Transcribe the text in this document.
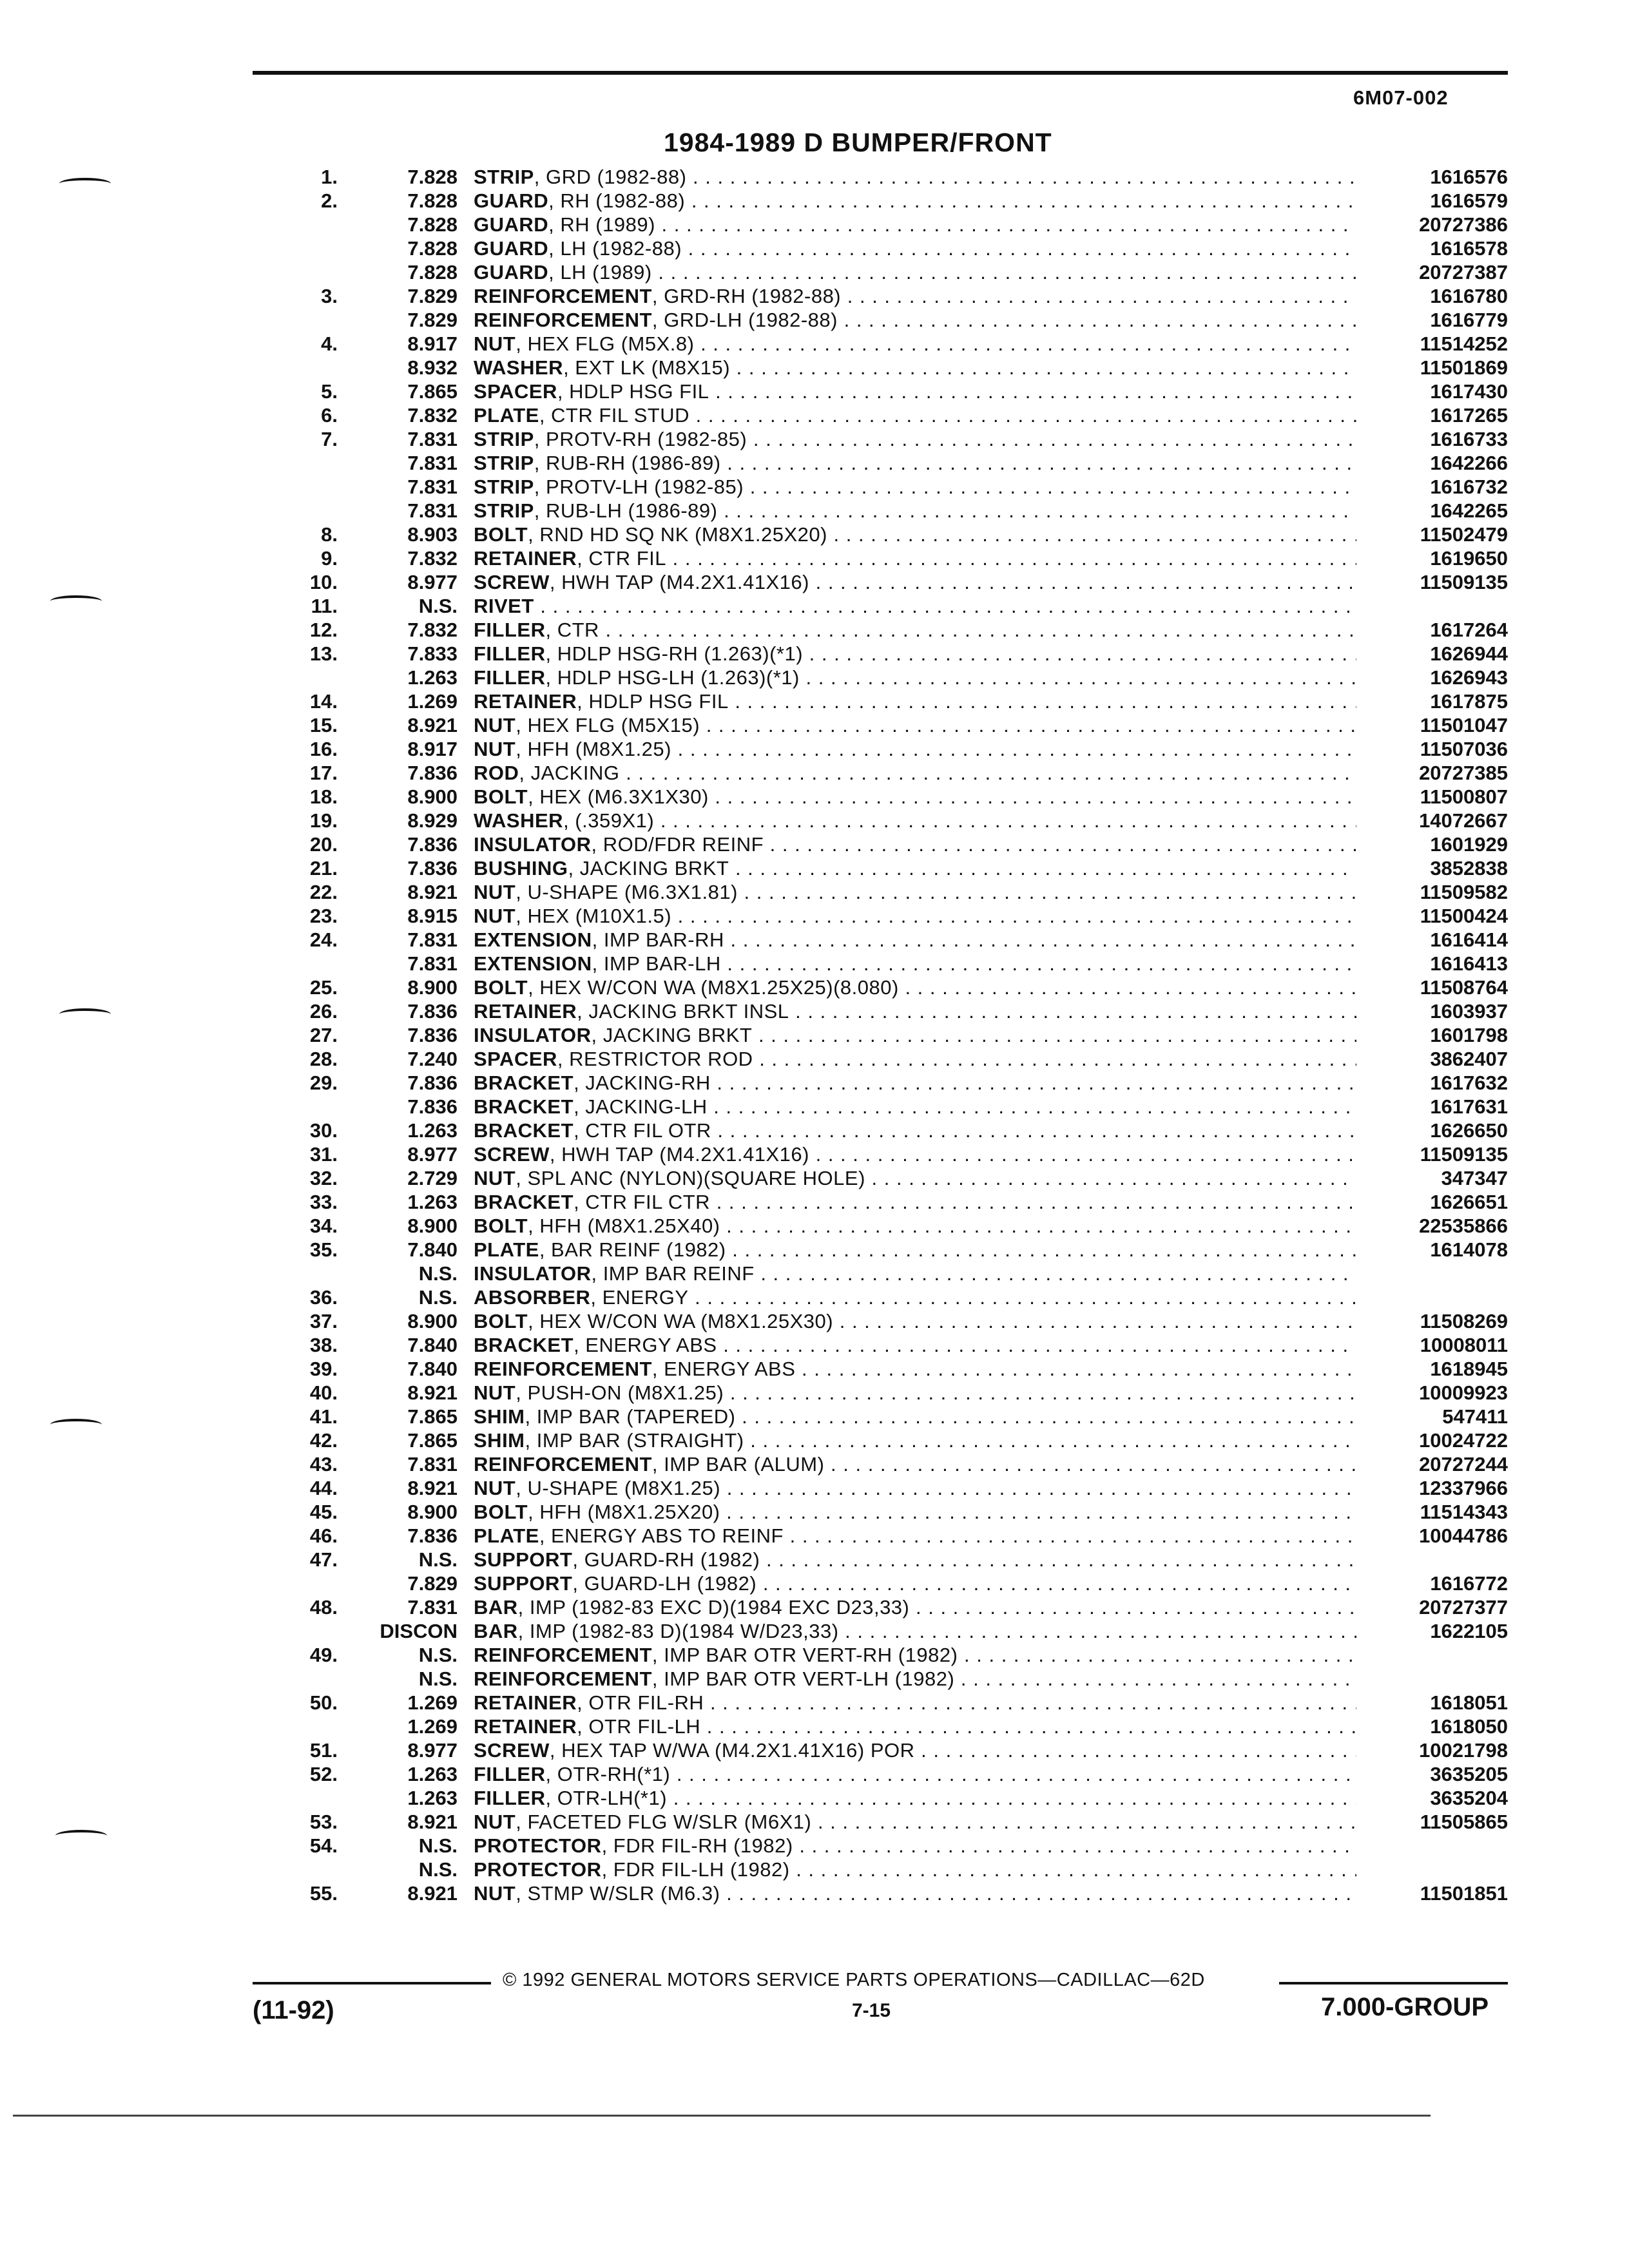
6M07-002
1984-1989 D BUMPER/FRONT
1.	7.828 STRIP, GRD (1982-88) . . .	1616576
2.	7.828 GUARD, RH (1982-88) . . .	1616579
7.828 GUARD, RH (1989) . . .	20727386
7.828 GUARD, LH (1982-88) . . .	1616578
7.828 GUARD, LH (1989) . . .	20727387
3.	7.829 REINFORCEMENT, GRD-RH (1982-88) . . .	1616780
7.829 REINFORCEMENT, GRD-LH (1982-88) . . .	1616779
4.	8.917 NUT, HEX FLG (M5X.8) . . .	11514252
8.932 WASHER, EXT LK (M8X15) . . .	11501869
5.	7.865 SPACER, HDLP HSG FIL . . .	1617430
6.	7.832 PLATE, CTR FIL STUD . . .	1617265
7.	7.831 STRIP, PROTV-RH (1982-85) . . .	1616733
7.831 STRIP, RUB-RH (1986-89) . . .	1642266
7.831 STRIP, PROTV-LH (1982-85) . . .	1616732
7.831 STRIP, RUB-LH (1986-89) . . .	1642265
8.	8.903 BOLT, RND HD SQ NK (M8X1.25X20) . . .	11502479
9.	7.832 RETAINER, CTR FIL . . .	1619650
10.	8.977 SCREW, HWH TAP (M4.2X1.41X16) . . .	11509135
11.	N.S. RIVET . . .
12.	7.832 FILLER, CTR . . .	1617264
13.	7.833 FILLER, HDLP HSG-RH (1.263)(*1) . . .	1626944
1.263 FILLER, HDLP HSG-LH (1.263)(*1) . . .	1626943
14.	1.269 RETAINER, HDLP HSG FIL . . .	1617875
15.	8.921 NUT, HEX FLG (M5X15) . . .	11501047
16.	8.917 NUT, HFH (M8X1.25) . . .	11507036
17.	7.836 ROD, JACKING . . .	20727385
18.	8.900 BOLT, HEX (M6.3X1X30) . . .	11500807
19.	8.929 WASHER, (.359X1) . . .	14072667
20.	7.836 INSULATOR, ROD/FDR REINF . . .	1601929
21.	7.836 BUSHING, JACKING BRKT . . .	3852838
22.	8.921 NUT, U-SHAPE (M6.3X1.81) . . .	11509582
23.	8.915 NUT, HEX (M10X1.5) . . .	11500424
24.	7.831 EXTENSION, IMP BAR-RH . . .	1616414
7.831 EXTENSION, IMP BAR-LH . . .	1616413
25.	8.900 BOLT, HEX W/CON WA (M8X1.25X25)(8.080) . . .	11508764
26.	7.836 RETAINER, JACKING BRKT INSL . . .	1603937
27.	7.836 INSULATOR, JACKING BRKT . . .	1601798
28.	7.240 SPACER, RESTRICTOR ROD . . .	3862407
29.	7.836 BRACKET, JACKING-RH . . .	1617632
7.836 BRACKET, JACKING-LH . . .	1617631
30.	1.263 BRACKET, CTR FIL OTR . . .	1626650
31.	8.977 SCREW, HWH TAP (M4.2X1.41X16) . . .	11509135
32.	2.729 NUT, SPL ANC (NYLON)(SQUARE HOLE) . . .	347347
33.	1.263 BRACKET, CTR FIL CTR . . .	1626651
34.	8.900 BOLT, HFH (M8X1.25X40) . . .	22535866
35.	7.840 PLATE, BAR REINF (1982) . . .	1614078
N.S. INSULATOR, IMP BAR REINF . . .
36.	N.S. ABSORBER, ENERGY . . .
37.	8.900 BOLT, HEX W/CON WA (M8X1.25X30) . . .	11508269
38.	7.840 BRACKET, ENERGY ABS . . .	10008011
39.	7.840 REINFORCEMENT, ENERGY ABS . . .	1618945
40.	8.921 NUT, PUSH-ON (M8X1.25) . . .	10009923
41.	7.865 SHIM, IMP BAR (TAPERED) . . .	547411
42.	7.865 SHIM, IMP BAR (STRAIGHT) . . .	10024722
43.	7.831 REINFORCEMENT, IMP BAR (ALUM) . . .	20727244
44.	8.921 NUT, U-SHAPE (M8X1.25) . . .	12337966
45.	8.900 BOLT, HFH (M8X1.25X20) . . .	11514343
46.	7.836 PLATE, ENERGY ABS TO REINF . . .	10044786
47.	N.S. SUPPORT, GUARD-RH (1982) . . .
7.829 SUPPORT, GUARD-LH (1982) . . .	1616772
48.	7.831 BAR, IMP (1982-83 EXC D)(1984 EXC D23,33) . . .	20727377
DISCON BAR, IMP (1982-83 D)(1984 W/D23,33) . . .	1622105
49.	N.S. REINFORCEMENT, IMP BAR OTR VERT-RH (1982) . . .
N.S. REINFORCEMENT, IMP BAR OTR VERT-LH (1982) . . .
50.	1.269 RETAINER, OTR FIL-RH . . .	1618051
1.269 RETAINER, OTR FIL-LH . . .	1618050
51.	8.977 SCREW, HEX TAP W/WA (M4.2X1.41X16) POR . . .	10021798
52.	1.263 FILLER, OTR-RH(*1) . . .	3635205
1.263 FILLER, OTR-LH(*1) . . .	3635204
53.	8.921 NUT, FACETED FLG W/SLR (M6X1) . . .	11505865
54.	N.S. PROTECTOR, FDR FIL-RH (1982) . . .
N.S. PROTECTOR, FDR FIL-LH (1982) . . .
55.	8.921 NUT, STMP W/SLR (M6.3) . . .	11501851
© 1992 GENERAL MOTORS SERVICE PARTS OPERATIONS—CADILLAC—62D
(11-92)	7-15	7.000-GROUP
